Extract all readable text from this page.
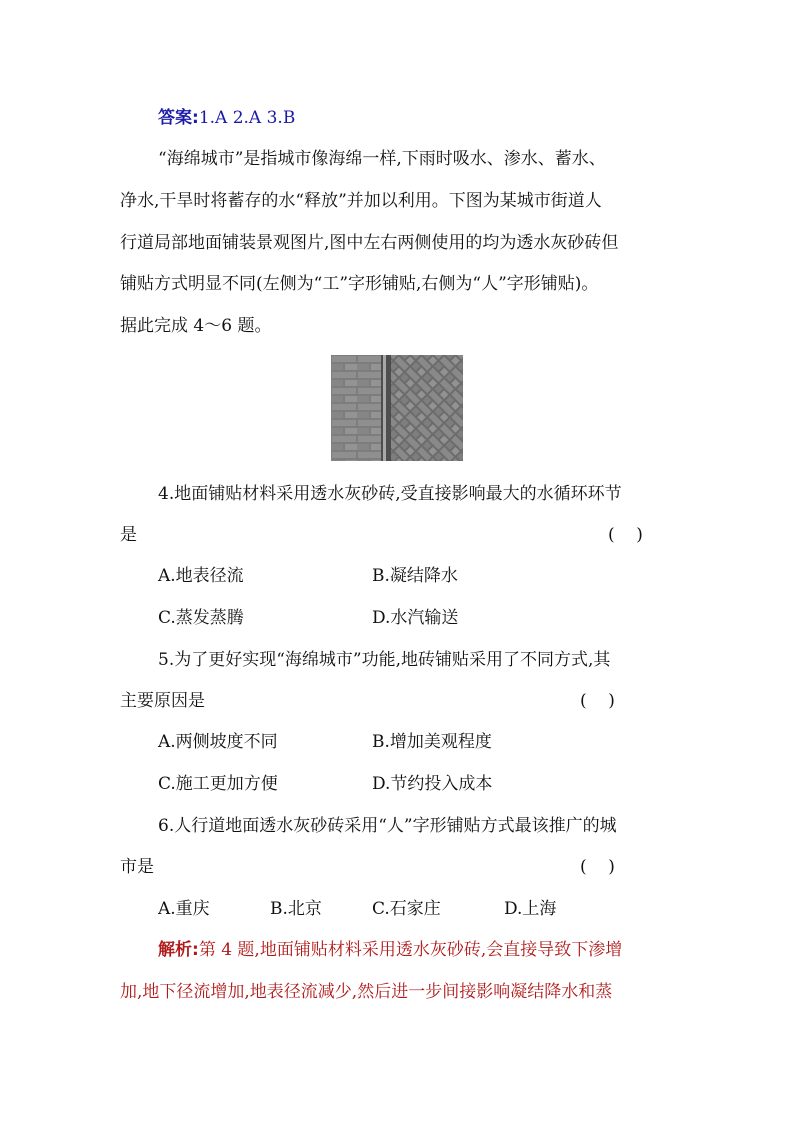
答案:1.A 2.A 3.B
“海绵城市”是指城市像海绵一样,下雨时吸水、渗水、蓄水、
净水,干旱时将蓄存的水“释放”并加以利用。下图为某城市街道人
行道局部地面铺装景观图片,图中左右两侧使用的均为透水灰砂砖但
铺贴方式明显不同(左侧为“工”字形铺贴,右侧为“人”字形铺贴)。
据此完成 4～6 题。
4.地面铺贴材料采用透水灰砂砖,受直接影响最大的水循环环节
是	(    )
A.地表径流	B.凝结降水
C.蒸发蒸腾	D.水汽输送
5.为了更好实现“海绵城市”功能,地砖铺贴采用了不同方式,其
主要原因是	(    )
A.两侧坡度不同	B.增加美观程度
C.施工更加方便	D.节约投入成本
6.人行道地面透水灰砂砖采用“人”字形铺贴方式最该推广的城
市是	(    )
A.重庆	B.北京	C.石家庄	D.上海
解析:第 4 题,地面铺贴材料采用透水灰砂砖,会直接导致下渗增
加,地下径流增加,地表径流减少,然后进一步间接影响凝结降水和蒸
